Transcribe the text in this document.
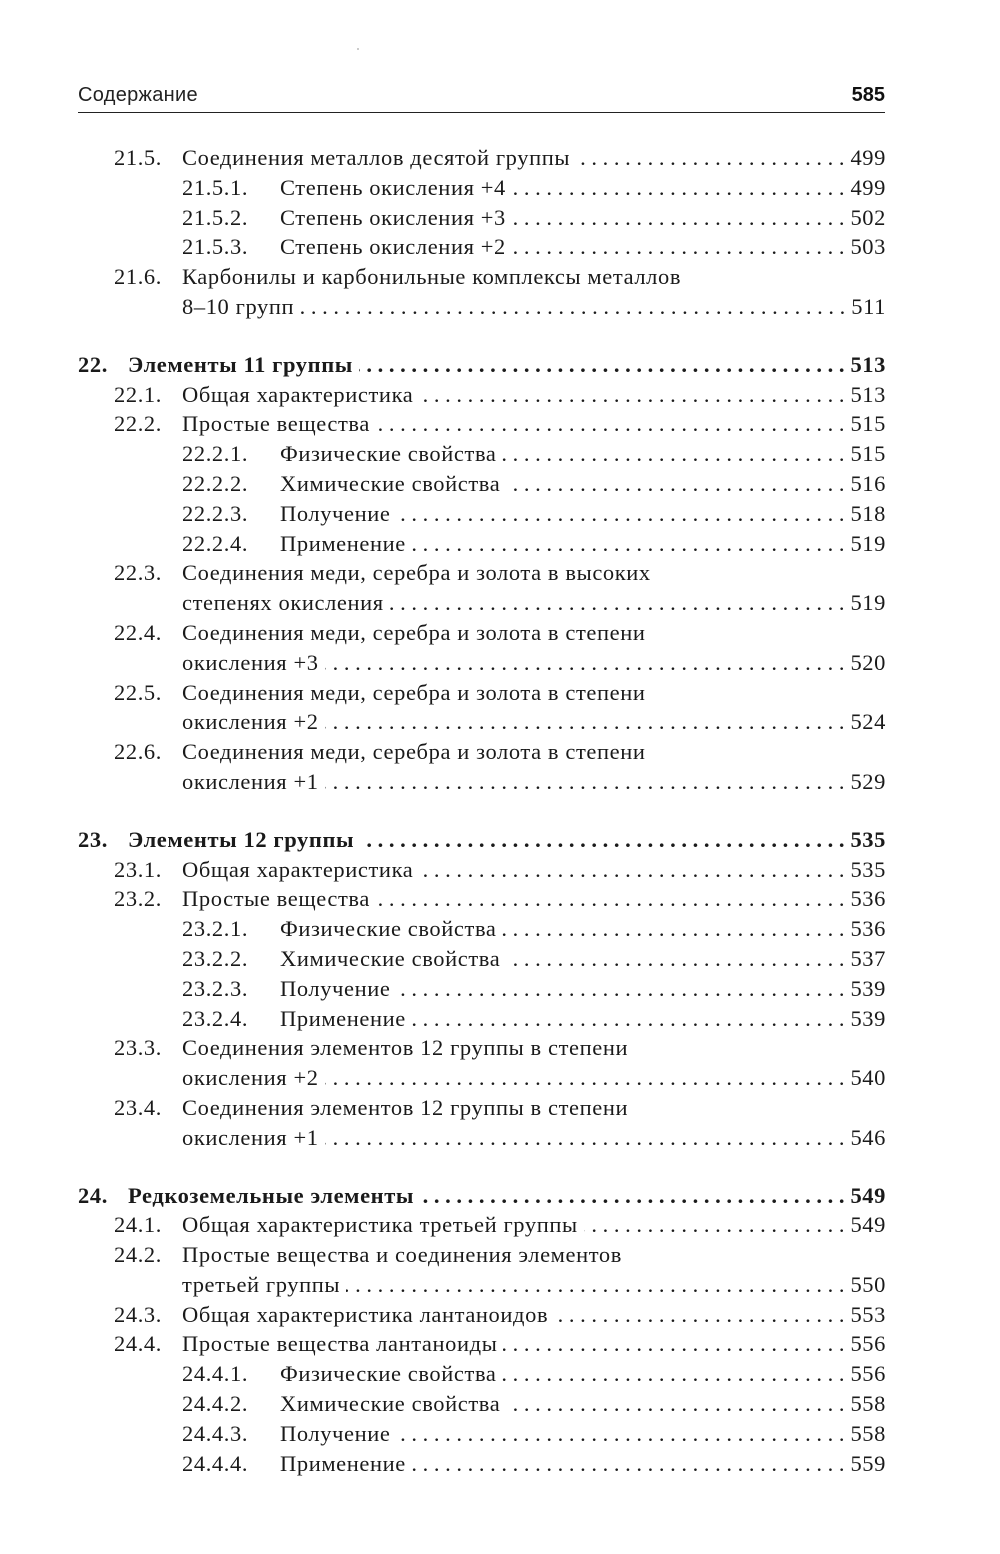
Содержание	585
21.5. Соединения металлов десятой группы . . .	499
21.5.1. Степень окисления +4 . . .	499
21.5.2. Степень окисления +3 . . .	502
21.5.3. Степень окисления +2 . . .	503
21.6. Карбонилы и карбонильные комплексы металлов
8–10 групп . . .	511
22. Элементы 11 группы . . .	513
22.1. Общая характеристика . . .	513
22.2. Простые вещества . . .	515
22.2.1. Физические свойства . . .	515
22.2.2. Химические свойства . . .	516
22.2.3. Получение . . .	518
22.2.4. Применение . . .	519
22.3. Соединения меди, серебра и золота в высоких
степенях окисления . . .	519
22.4. Соединения меди, серебра и золота в степени
окисления +3 . . .	520
22.5. Соединения меди, серебра и золота в степени
окисления +2 . . .	524
22.6. Соединения меди, серебра и золота в степени
окисления +1 . . .	529
23. Элементы 12 группы . . .	535
23.1. Общая характеристика . . .	535
23.2. Простые вещества . . .	536
23.2.1. Физические свойства . . .	536
23.2.2. Химические свойства . . .	537
23.2.3. Получение . . .	539
23.2.4. Применение . . .	539
23.3. Соединения элементов 12 группы в степени
окисления +2 . . .	540
23.4. Соединения элементов 12 группы в степени
окисления +1 . . .	546
24. Редкоземельные элементы . . .	549
24.1. Общая характеристика третьей группы . . .	549
24.2. Простые вещества и соединения элементов
третьей группы . . .	550
24.3. Общая характеристика лантаноидов . . .	553
24.4. Простые вещества лантаноиды . . .	556
24.4.1. Физические свойства . . .	556
24.4.2. Химические свойства . . .	558
24.4.3. Получение . . .	558
24.4.4. Применение . . .	559
